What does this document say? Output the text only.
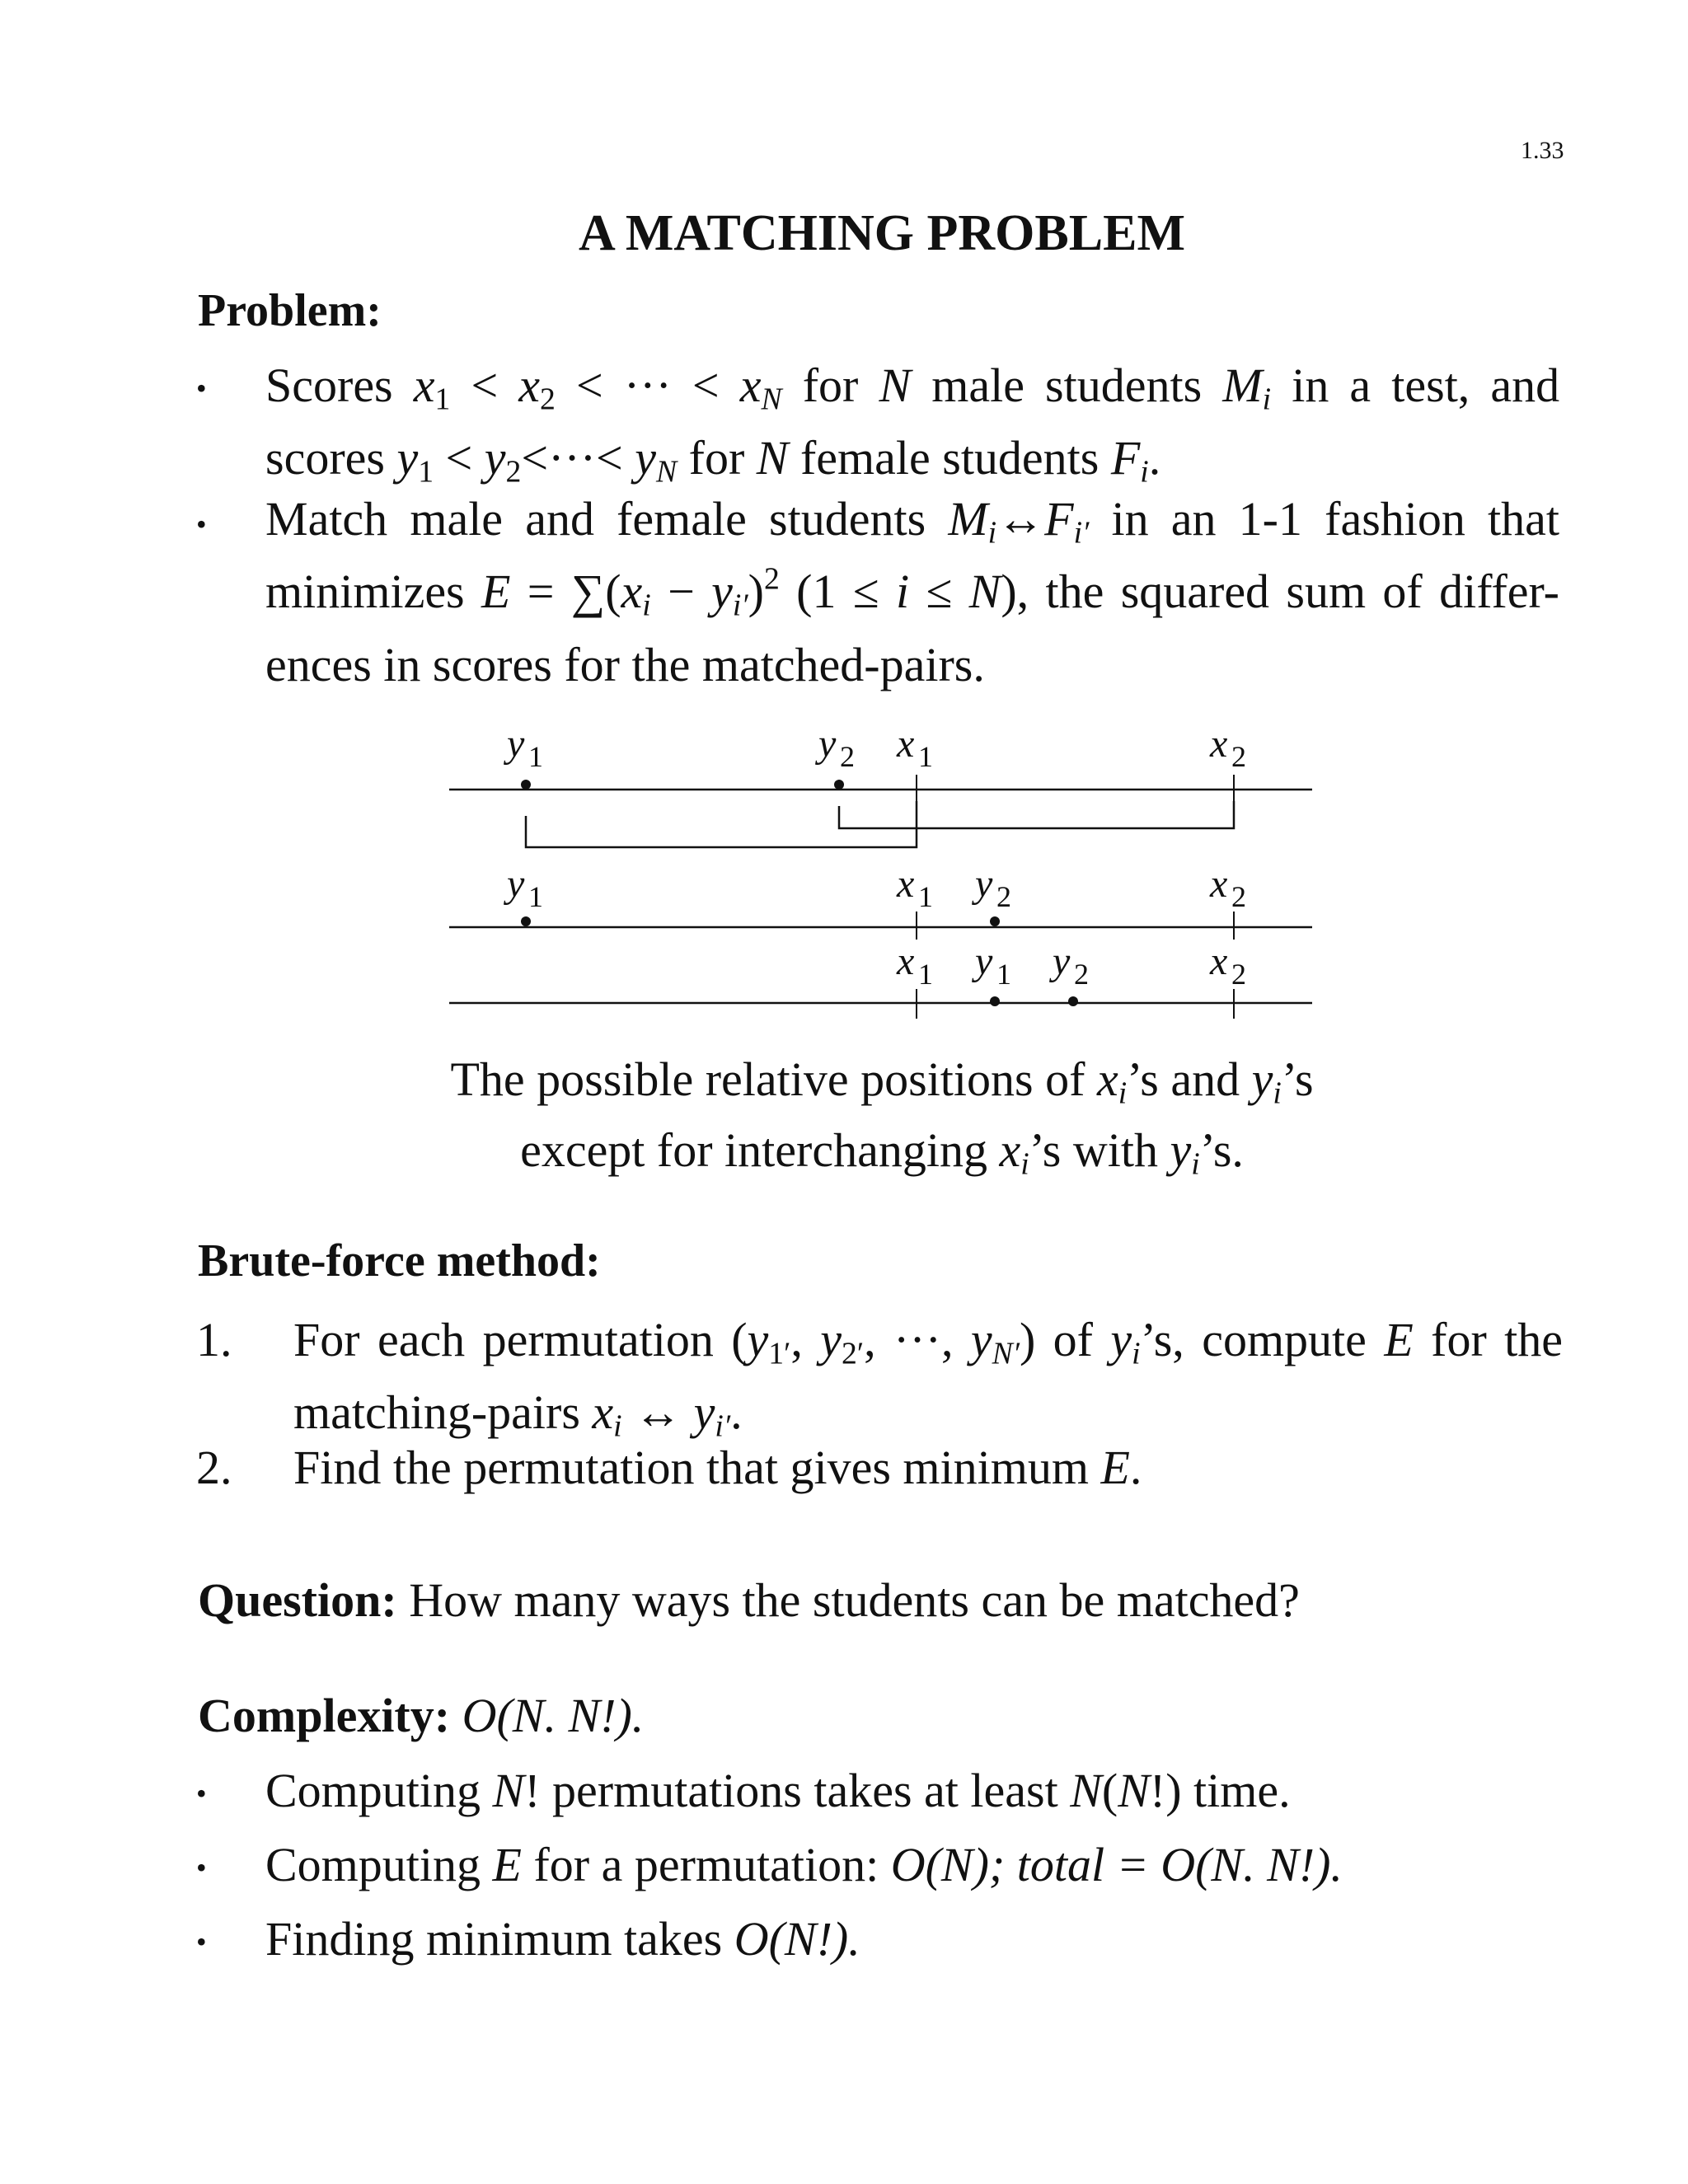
1.33
A MATCHING PROBLEM
Problem:
• Scores $x_1 < x_2$ < ··· < $x_N$ for N male students $M_i$ in a test, and
scores $y_1 < y_2<\cdot\cdot\cdot< y_N$ for N female students $F_i$.
• Match male and female students $M_i\leftrightarrow F_{i'}$ in an 1-1 fashion that
minimizes $E = \sum(x_i - y_{i'})^2$ (1 ≤ i ≤ N), the squared sum of differ-
ences in scores for the matched-pairs.
y 1	y 2 x 1	x 2
y 1	x 1 y 2	x 2
x 1 y 1 y 2	x 2
The possible relative positions of $x_i’s$ and $y_i’s$
except for interchanging $x_i’s$ with $y_i’s$.
Brute-force method:
1. For each permutation ($y_{1'}$, $y_{2'}$, ···, $y_{N'}$) of $y_i’s$, compute E for the
matching-pairs $x_i$ ↔ $y_{i'}$.
2. Find the permutation that gives minimum E.
Question: How many ways the students can be matched?
Complexity: O(N. N!).
• Computing N! permutations takes at least N(N!) time.
• Computing E for a permutation: O(N); total = O(N. N!).
• Finding minimum takes O(N!).
